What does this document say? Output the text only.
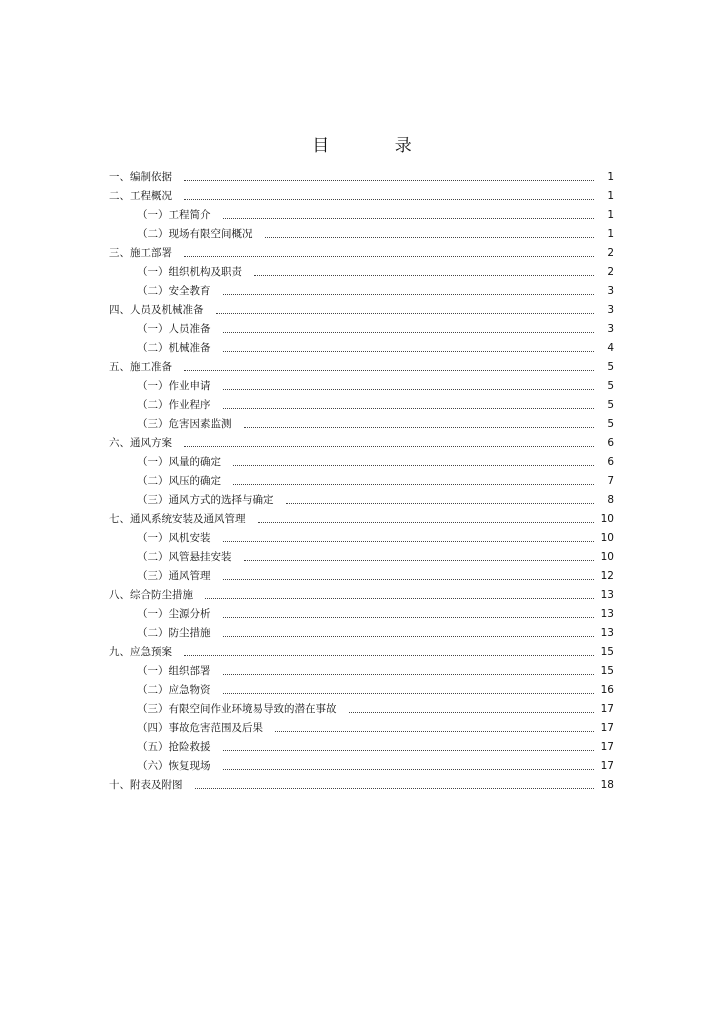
目 录
一、编制依据	1
二、工程概况	1
（一）工程简介	1
（二）现场有限空间概况	1
三、施工部署	2
（一）组织机构及职责	2
（二）安全教育	3
四、人员及机械准备	3
（一）人员准备	3
（二）机械准备	4
五、施工准备	5
（一）作业申请	5
（二）作业程序	5
（三）危害因素监测	5
六、通风方案	6
（一）风量的确定	6
（二）风压的确定	7
（三）通风方式的选择与确定	8
七、通风系统安装及通风管理	10
（一）风机安装	10
（二）风管悬挂安装	10
（三）通风管理	12
八、综合防尘措施	13
（一）尘源分析	13
（二）防尘措施	13
九、应急预案	15
（一）组织部署	15
（二）应急物资	16
（三）有限空间作业环境易导致的潜在事故	17
（四）事故危害范围及后果	17
（五）抢险救援	17
（六）恢复现场	17
十、附表及附图	18
